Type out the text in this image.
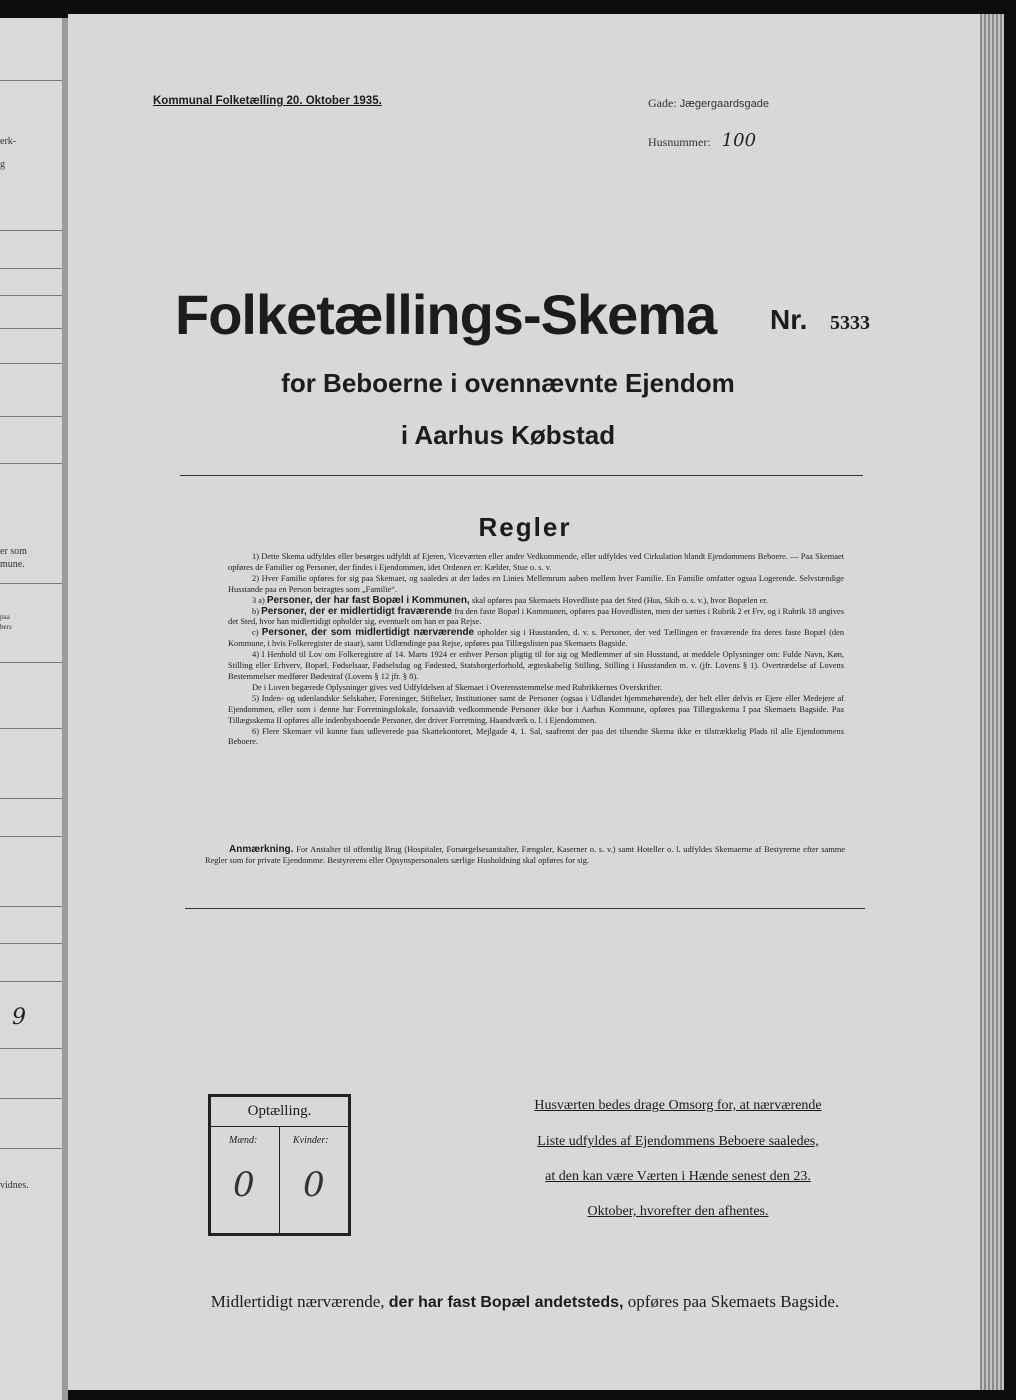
erk-
g
er som
mune.
paa
bers
9
vidnes.
Kommunal Folketælling 20. Oktober 1935.	Gade: Jægergaardsgade
Husnummer: 100
Folketællings-Skema Nr. 5333
for Beboerne i ovennævnte Ejendom
i Aarhus Købstad
Regler

1) Dette Skema udfyldes eller besørges udfyldt af Ejeren, Viceværten eller andre Vedkommende, eller udfyldes ved Cirkulation blandt Ejendommens Beboere. — Paa Skemaet opføres de Familier og Personer, der findes i Ejendommen, idet Ordenen er: Kælder, Stue o. s. v.

2) Hver Familie opføres for sig paa Skemaet, og saaledes at der lades en Linies Mellemrum aaben mellem hver Familie. En Familie omfatter ogsaa Logerende. Selvstændige Husstande paa en Person betragtes som „Familie“.

3 a) Personer, der har fast Bopæl i Kommunen, skal opføres paa Skemaets Hovedliste paa det Sted (Hus, Skib o. s. v.), hvor Bopælen er.

b) Personer, der er midlertidigt fraværende fra den faste Bopæl i Kommunen, opføres paa Hovedlisten, men der sættes i Rubrik 2 et Frv, og i Rubrik 18 angives det Sted, hvor han midlertidigt opholder sig, eventuelt om han er paa Rejse.

c) Personer, der som midlertidigt nærværende opholder sig i Husstanden, d. v. s. Personer, der ved Tællingen er fraværende fra deres faste Bopæl (den Kommune, i hvis Folkeregister de staar), samt Udlændinge paa Rejse, opføres paa Tillægslisten paa Skemaets Bagside.

4) I Henhold til Lov om Folkeregistre af 14. Marts 1924 er enhver Person pligtig til for sig og Medlemmer af sin Husstand, at meddele Oplysninger om: Fulde Navn, Køn, Stilling eller Erhverv, Bopæl, Fødselsaar, Fødselsdag og Fødested, Statsborgerforhold, ægteskabelig Stilling, Stilling i Husstanden m. v. (jfr. Lovens § 1). Overtrædelse af Lovens Bestemmelser medfører Bødestraf (Lovens § 12 jfr. § 8).

De i Loven begærede Oplysninger gives ved Udfyldelsen af Skemaet i Overensstemmelse med Rubrikkernes Overskrifter.

5) Inden- og udenlandske Selskaber, Foreninger, Stiftelser, Institutioner samt de Personer (ogsaa i Udlandet hjemmehørende), der helt eller delvis er Ejere eller Medejere af Ejendommen, eller som i denne har Forretningslokale, forsaavidt vedkommende Personer ikke bor i Aarhus Kommune, opføres paa Tillægsskema I paa Skemaets Bagside. Paa Tillægsskema II opføres alle indenbysboende Personer, der driver Forretning, Haandværk o. l. i Ejendommen.

6) Flere Skemaer vil kunne faas udleverede paa Skattekontoret, Mejlgade 4, 1. Sal, saafremt der paa det tilsendte Skema ikke er tilstrækkelig Plads til alle Ejendommens Beboere.

Anmærkning. For Anstalter til offentlig Brug (Hospitaler, Forsørgelsesanstalter, Fængsler, Kaserner o. s. v.) samt Hoteller o. l. udfyldes Skemaerne af Bestyrerne efter samme Regler som for private Ejendomme. Bestyrerens eller Opsynspersonalets særlige Husholdning skal opføres for sig.
Optælling.
Mænd:	Kvinder:
0 0
Husværten bedes drage Omsorg for, at nærværende
Liste udfyldes af Ejendommens Beboere saaledes,
at den kan være Værten i Hænde senest den 23.
Oktober, hvorefter den afhentes.
Midlertidigt nærværende, der har fast Bopæl andetsteds, opføres paa Skemaets Bagside.
